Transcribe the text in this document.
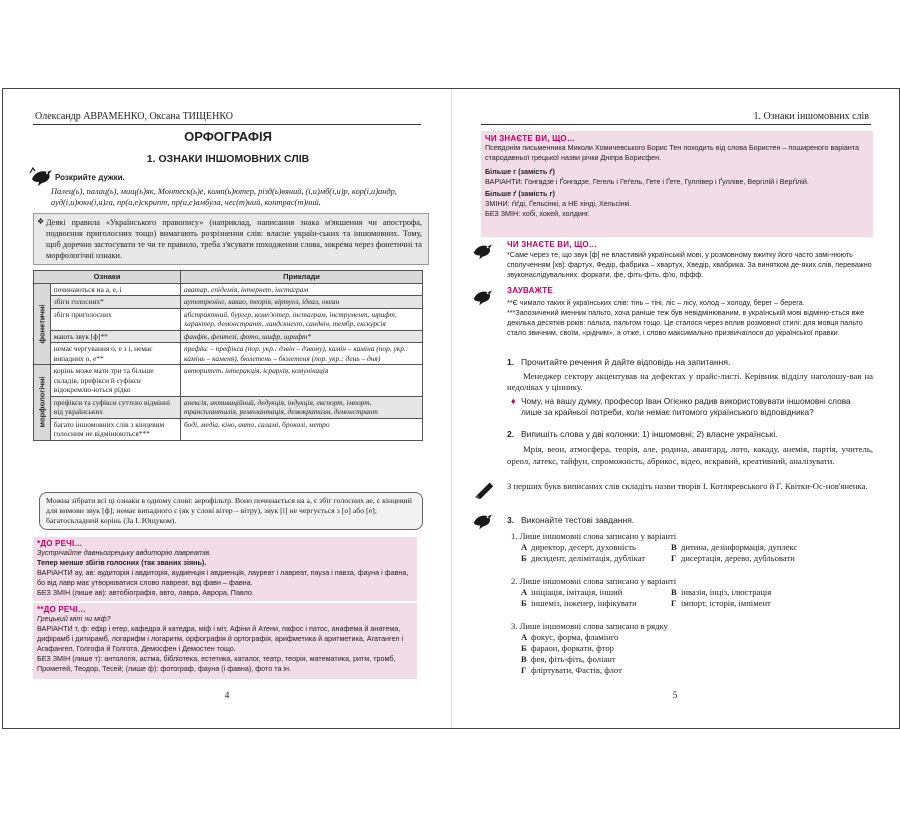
Олександр АВРАМЕНКО, Оксана ТИЩЕНКО
ОРФОГРАФІЯ
1. ОЗНАКИ ІНШОМОВНИХ СЛІВ
Розкрийте дужки.
Палец(ь), палац(ь), мищ(ь)як, Монтеск(ь)е, комп(ь)ютер, різд(ь)вяний, (і,и)мб(і,и)р, кор(і,и)андр, ауд(і,и)юкн(і,и)га, пр(и,е)скрипт, пр(и,е)амбула, чес(т)ний, контрас(т)ний.
❖ Деякі правила «Українського правопису» (наприклад, написання знака м'якшення чи апострофа, подвоєння приголосних тощо) вимагають розрізнення слів: власне україн-ських та іншомовних. Тому, щоб доречно застосувати те чи те правило, треба з'ясувати походження слова, зокрема через фонетичні та морфологічні ознаки.
Ознаки		Приклади

фонетичні	починаються на а, е, і	аватар, епідемія, інтернет, інстаграм
	збіги голосних*	аутотренінг, какао, теорія, віртуоз, ідеал, океан
	збіги приголосних	абстрактний, бургер, комп'ютер, інстаграм, інструмент, шрифт, характер, демонстрант, ландскнехт, сандвіч, тембр, екскурсія
	мають звук [ф]**	фанфік, фентезі, фото, шифр, шрифт*
	немає чергування о, е з і, немає випадних о, е**	префікс – префікса (пор. укр.: дзвін – дзвону), камін – каміна (пор. укр.: камінь – каменя), бюлетень – бюлетеня (пор. укр.: день – дня)

морфологічні	корінь може мати три та більше складів, префікси й суфікси відокремлю-ються рідко	авторитет, інтеракція, ієрархія, комунікація
	префікси та суфікси суттєво відмінні від українських	анексія, активаційний, дедукція, індукція, експорт, імпорт, транспланталія, ремплантація, демократизм, демонстрант
	багато іншомовних слів з кінцевим голосним не відмінюються***	боді, медіа, кіно, авто, саламі, броколі, метро
Можна зібрати всі ці ознаки в одному слові: аерофільтр. Воно починається на а, є збіг голосних ае, є кінцевий для вимови звук [ф]; немає випадного ε (як у слові вітер – вітру), звук [і] не чергується з [о] або [е]; багатоскладний корінь (За І. Ющуком).
*ДО РЕЧІ…
Зустрічайте давньогрецьку авдиторію лавреатів.
Тепер менше збігів голосних (так званих зіянь).
ВАРІАНТИ ау, ав: аудиторія і авдиторія, аудиенція і авдиенція, лауреат і лавреат, пауза і павза, фауна і фавна, бо від лавр має утворюватися слово лавреат, від фавн – фавна.
БЕЗ ЗМІН (лише ав): автобіографія, авто, лавра, Аврора, Павло.
**ДО РЕЧІ…
Грецький міт чи міф?
ВАРІАНТИ т, ф: ефір і етер, кафедра й катедра, міф і міт, Афіни й Атени, пафос і патос, анафема й анатема, дифірамб і дитирамб, логарифм і логаритм, орфографія й ортографія, арифметика й аритметика, Агатангел і Агафангел, Голгофа й Голгота, Демосфен і Демостен тощо.
БЕЗ ЗМІН (лише т): антологія, астма, бібліотека, естетика, каталог, театр, теорія, математика, ритм, тромб, Прометей, Теодор, Тесей; (лише ф): фотограф, фауна (і фавна), фото та ін.
4
1. Ознаки іншомовних слів
ЧИ ЗНАЄТЕ ВИ, ЩО…
Псевдонім письменника Миколи Хомичевського Борис Тен походить від слова Бористен – поширеного варіанта стародавньої грецької назви річки Дніпра Борисфен.
Більше г (замість ґ)
ВАРІАНТИ: Гонгадзе і Ґонгадзе, Гегель і Геґель, Гете і Ґете, Гуллівер і Ґулліве, Вергілій і Верґілій.
Більше ґ (замість г)
ЗМІНИ: ґіґді, Ґельсінкі, а НЕ хінді, Хельсінкі.
БЕЗ ЗМІН: хобі, хокей, холдинг.
ЧИ ЗНАЄТЕ ВИ, ЩО…
*Саме через те, що звук [ф] не властивий українській мові, у розмовному вжитку його часто замі-нюють сполученням [хв]: фартух, Федір, фабрика – хвартух, Хведір, хвабрика. За винятком де-яких слів, переважно звуконаслідувальних: форкати, фе, фіть-фіть, ф'ю, пффф.
ЗАУВАЖТЕ
**Є чимало таких й українських слів: тінь – тіні, ліс – лісу, холод – холоду, берег – берега.
***Запозичений іменник пальто, хоча раніше теж був невідмінюваним, в українській мові відміню-ється вже декілька десятків років: пальта, пальтом тощо. Це сталося через вплив розмовної стилі: для мовця пальто стало звичним, своїм, «рідним», а отже, і слово максимально призвичаїлося до української правки.
1. Прочитайте речення й дайте відповідь на запитання.
Менеджер сектору акцентував на дефектах у прайс-листі. Керівник відділу наголошу-вав на недоліках у ціннику.
♦ Чому, на вашу думку, професор Іван Огієнко радив використовувати іншомовні слова лише за крайньої потреби, коли немає питомого українського відповідника?
2. Випишіть слова у дві колонки: 1) іншомовні; 2) власне українські.
Мрія, веон, атмосфера, теорія, але, родина, авангард, лото, какаду, анемія, партія, учитель, ореол, латекс, тайфун, спроможність, абрикос, відео, яскравий, креативний, аналізувати.
З перших букв виписаних слів складіть назви творів І. Котляревського й Г. Квітки-Ос-нов'яненка.
3. Виконайте тестові завдання.
1. Лише іншомовні слова записано у варіанті
А директор, десерт, духовність
Б дисидент, делімітація, дублікат
В дитина, дезінформація, дуплекс
Г дисертація, дерево, дубльовати
2. Лише іншомовні слова записано у варіанті
А ініціація, імітація, інший
Б іншеміз, інженер, інфікувати
В інвазія, інціз, ілюстрація
Г імпорт, історія, імпімент
3. Лише іншомовні слова записано в рядку
А фокус, форма, фламінго
Б фараон, форкати, фтор
В фея, фіть-фіть, фоліант
Г фліртувати, Фастів, флот
5
